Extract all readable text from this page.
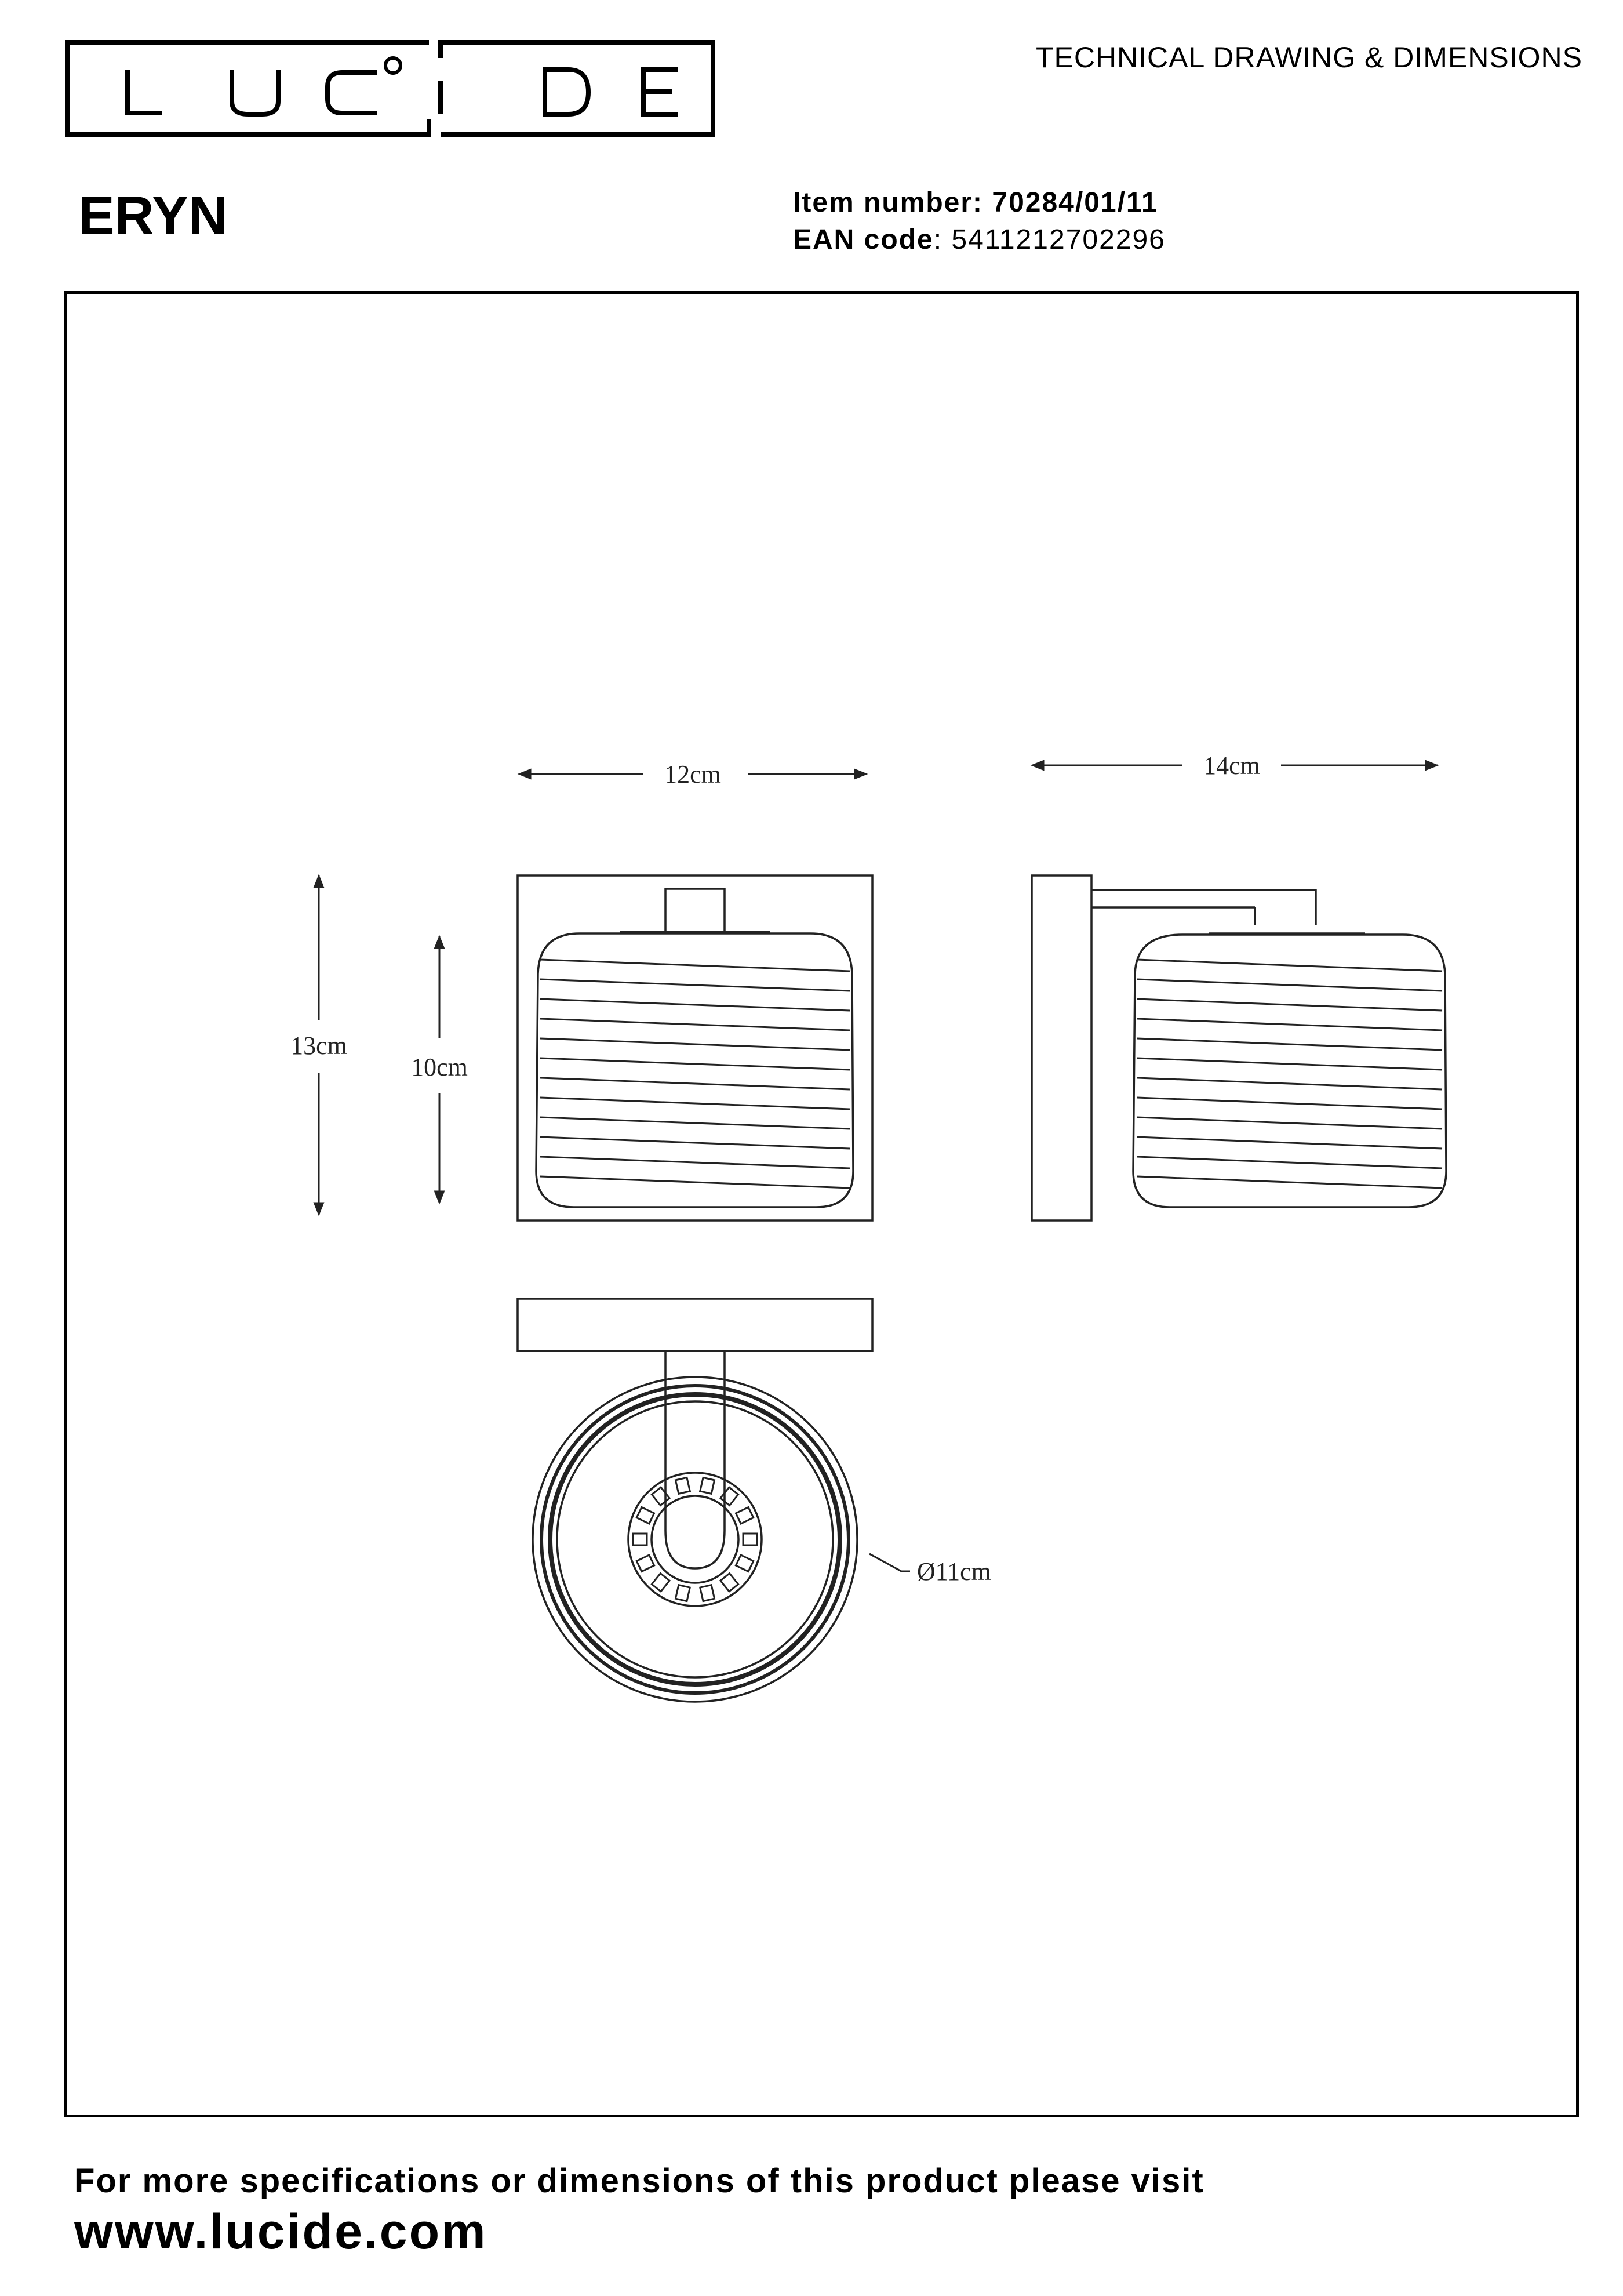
TECHNICAL DRAWING & DIMENSIONS
ERYN	Item number: 70284/01/11
EAN code: 5411212702296
12cm	14cm
13cm
10cm
Ø11cm
For more specifications or dimensions of this product please visit
www.lucide.com
